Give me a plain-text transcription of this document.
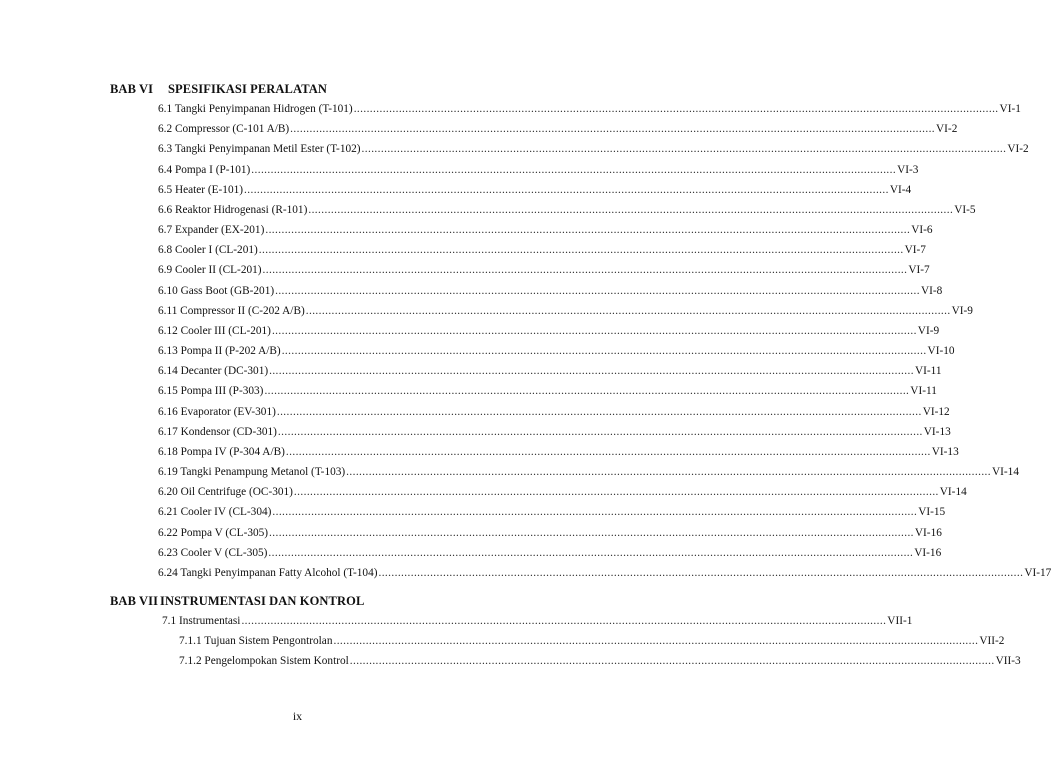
BAB VI SPESIFIKASI PERALATAN
BAB VII INSTRUMENTASI DAN KONTROL
6.1 Tangki Penyimpanan Hidrogen (T-101) ........................................................................................................................................................................................................ VI-1
6.2 Compressor (C-101 A/B) ........................................................................................................................................................................................................ VI-2
6.3 Tangki Penyimpanan Metil Ester (T-102) ........................................................................................................................................................................................................ VI-2
6.4 Pompa I (P-101) ........................................................................................................................................................................................................ VI-3
6.5 Heater (E-101) ........................................................................................................................................................................................................ VI-4
6.6 Reaktor Hidrogenasi (R-101) ........................................................................................................................................................................................................ VI-5
6.7 Expander (EX-201) ........................................................................................................................................................................................................ VI-6
6.8 Cooler I (CL-201) ........................................................................................................................................................................................................ VI-7
6.9 Cooler II (CL-201) ........................................................................................................................................................................................................ VI-7
6.10 Gass Boot (GB-201) ........................................................................................................................................................................................................ VI-8
6.11 Compressor II (C-202 A/B) ........................................................................................................................................................................................................ VI-9
6.12 Cooler III (CL-201) ........................................................................................................................................................................................................ VI-9
6.13 Pompa II (P-202 A/B) ........................................................................................................................................................................................................ VI-10
6.14 Decanter (DC-301) ........................................................................................................................................................................................................ VI-11
6.15 Pompa III (P-303) ........................................................................................................................................................................................................ VI-11
6.16 Evaporator (EV-301) ........................................................................................................................................................................................................ VI-12
6.17 Kondensor (CD-301) ........................................................................................................................................................................................................ VI-13
6.18 Pompa IV (P-304 A/B) ........................................................................................................................................................................................................ VI-13
6.19 Tangki Penampung Metanol (T-103) ........................................................................................................................................................................................................ VI-14
6.20 Oil Centrifuge (OC-301) ........................................................................................................................................................................................................ VI-14
6.21 Cooler IV (CL-304) ........................................................................................................................................................................................................ VI-15
6.22 Pompa V (CL-305) ........................................................................................................................................................................................................ VI-16
6.23 Cooler V (CL-305) ........................................................................................................................................................................................................ VI-16
6.24 Tangki Penyimpanan Fatty Alcohol (T-104) ........................................................................................................................................................................................................ VI-17
7.1 Instrumentasi ........................................................................................................................................................................................................ VII-1
7.1.1 Tujuan Sistem Pengontrolan ........................................................................................................................................................................................................ VII-2
7.1.2 Pengelompokan Sistem Kontrol ........................................................................................................................................................................................................ VII-3
ix
